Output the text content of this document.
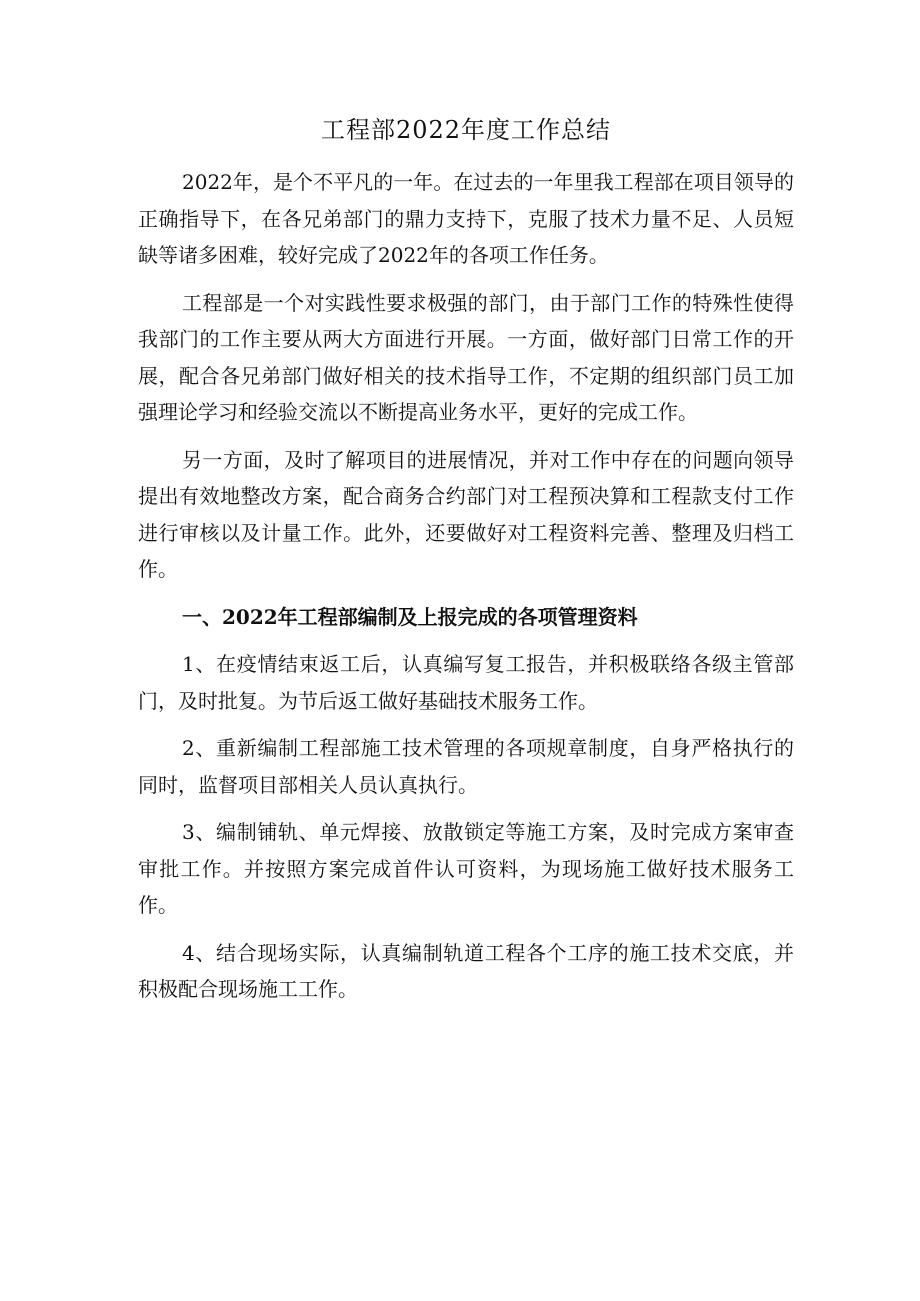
工程部2022年度工作总结

2022年，是个不平凡的一年。在过去的一年里我工程部在项目领导的正确指导下，在各兄弟部门的鼎力支持下，克服了技术力量不足、人员短缺等诸多困难，较好完成了2022年的各项工作任务。

工程部是一个对实践性要求极强的部门，由于部门工作的特殊性使得我部门的工作主要从两大方面进行开展。一方面，做好部门日常工作的开展，配合各兄弟部门做好相关的技术指导工作，不定期的组织部门员工加强理论学习和经验交流以不断提高业务水平，更好的完成工作。

另一方面，及时了解项目的进展情况，并对工作中存在的问题向领导提出有效地整改方案，配合商务合约部门对工程预决算和工程款支付工作进行审核以及计量工作。此外，还要做好对工程资料完善、整理及归档工作。

一、2022年工程部编制及上报完成的各项管理资料

1、在疫情结束返工后，认真编写复工报告，并积极联络各级主管部门，及时批复。为节后返工做好基础技术服务工作。

2、重新编制工程部施工技术管理的各项规章制度，自身严格执行的同时，监督项目部相关人员认真执行。

3、编制铺轨、单元焊接、放散锁定等施工方案，及时完成方案审查审批工作。并按照方案完成首件认可资料，为现场施工做好技术服务工作。

4、结合现场实际，认真编制轨道工程各个工序的施工技术交底，并积极配合现场施工工作。
